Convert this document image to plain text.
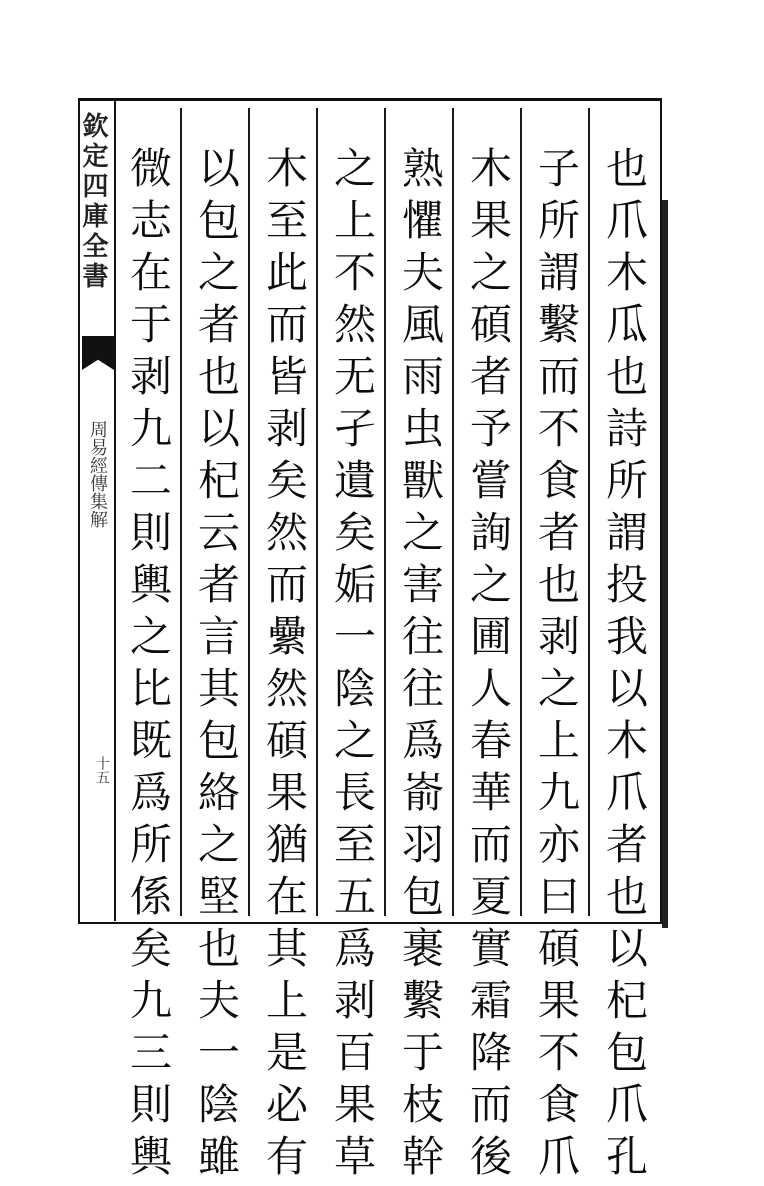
欽定四庫全書
周易經傳集解
十五	也爪木瓜也詩所謂投我以木爪者也以杞包爪孔
子所謂繫而不食者也剥之上九亦曰碩果不食爪
木果之碩者予嘗詢之圃人春華而夏實霜降而後
熟懼夫風雨虫獸之害往往爲嵛羽包裹繫于枝幹
之上不然无孑遺矣姤一陰之長至五爲剥百果草
木至此而皆剥矣然而纍然碩果猶在其上是必有
以包之者也以杞云者言其包絡之堅也夫一陰雖
微志在于剥九二則輿之比既爲所係矣九三則輿
